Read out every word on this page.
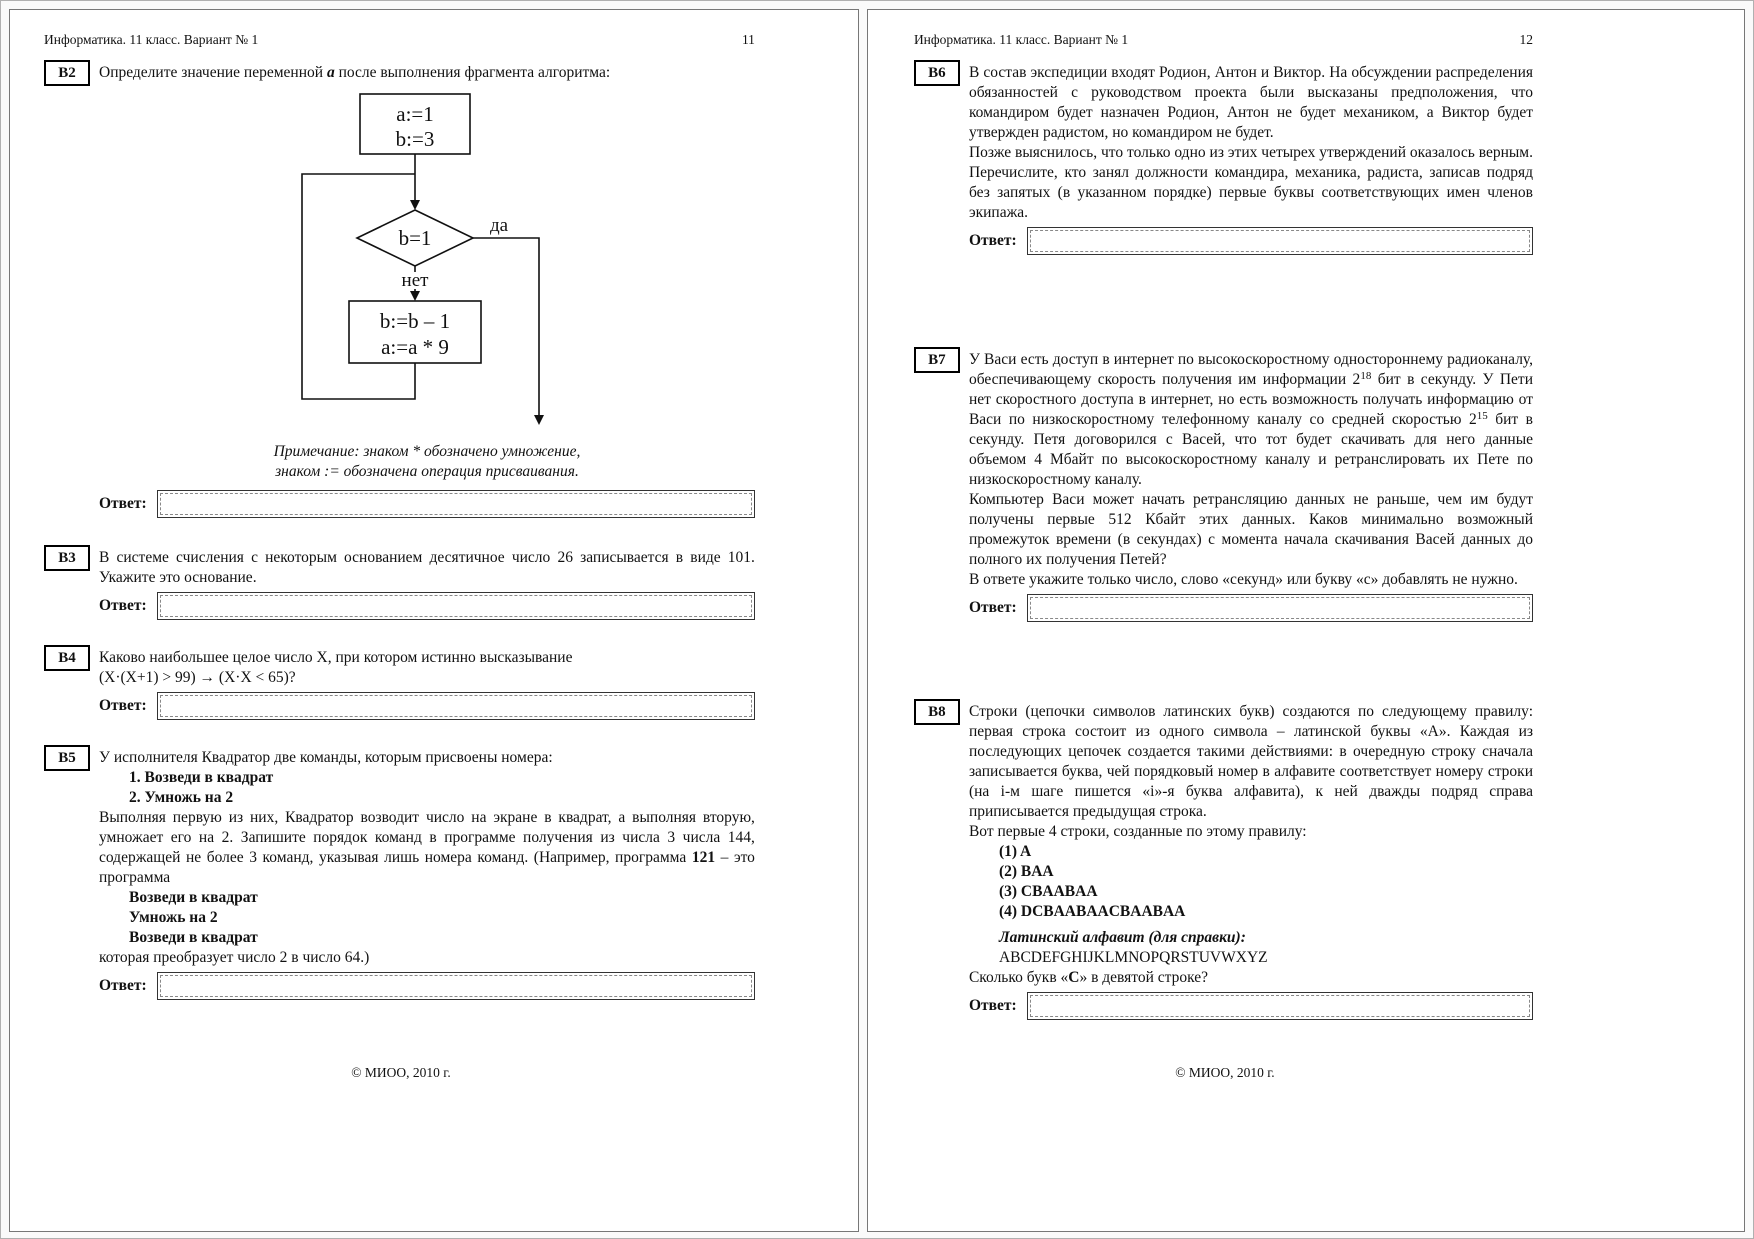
Информатика. 11 класс. Вариант № 1	11
В2	Определите значение переменной a после выполнения фрагмента алгоритма:

a:=1
b:=3
b=1
да
нет
b:=b – 1
a:=a * 9
Примечание: знаком * обозначено умножение,
знаком := обозначена операция присваивания.
Ответ:
В3	В системе счисления с некоторым основанием десятичное число 26 записывается в виде 101. Укажите это основание.

Ответ:
В4	Каково наибольшее целое число X, при котором истинно высказывание

(X·(X+1) > 99) → (X·X < 65)?

Ответ:
В5	У исполнителя Квадратор две команды, которым присвоены номера:

1. Возведи в квадрат
2. Умножь на 2

Выполняя первую из них, Квадратор возводит число на экране в квадрат, а выполняя вторую, умножает его на 2. Запишите порядок команд в программе получения из числа 3 числа 144, содержащей не более 3 команд, указывая лишь номера команд. (Например, программа 121 – это программа

Возведи в квадрат
Умножь на 2
Возведи в квадрат

которая преобразует число 2 в число 64.)

Ответ:
© МИОО, 2010 г.
Информатика. 11 класс. Вариант № 1	12
В6	В состав экспедиции входят Родион, Антон и Виктор. На обсуждении распределения обязанностей с руководством проекта были высказаны предположения, что командиром будет назначен Родион, Антон не будет механиком, а Виктор будет утвержден радистом, но командиром не будет.

Позже выяснилось, что только одно из этих четырех утверждений оказалось верным. Перечислите, кто занял должности командира, механика, радиста, записав подряд без запятых (в указанном порядке) первые буквы соответствующих имен членов экипажа.

Ответ:
В7	У Васи есть доступ в интернет по высокоскоростному одностороннему радиоканалу, обеспечивающему скорость получения им информации $2^{18}$ бит в секунду. У Пети нет скоростного доступа в интернет, но есть возможность получать информацию от Васи по низкоскоростному телефонному каналу со средней скоростью $2^{15}$ бит в секунду. Петя договорился с Васей, что тот будет скачивать для него данные объемом 4 Мбайт по высокоскоростному каналу и ретранслировать их Пете по низкоскоростному каналу.

Компьютер Васи может начать ретрансляцию данных не раньше, чем им будут получены первые 512 Кбайт этих данных. Каков минимально возможный промежуток времени (в секундах) с момента начала скачивания Васей данных до полного их получения Петей?

В ответе укажите только число, слово «секунд» или букву «с» добавлять не нужно.

Ответ:
В8	Строки (цепочки символов латинских букв) создаются по следующему правилу: первая строка состоит из одного символа – латинской буквы «А». Каждая из последующих цепочек создается такими действиями: в очередную строку сначала записывается буква, чей порядковый номер в алфавите соответствует номеру строки (на i-м шаге пишется «i»-я буква алфавита), к ней дважды подряд справа приписывается предыдущая строка.

Вот первые 4 строки, созданные по этому правилу:

(1) A
(2) BAA
(3) CBAABAA
(4) DCBAABAACBAABAA
Латинский алфавит (для справки):
ABCDEFGHIJKLMNOPQRSTUVWXYZ

Сколько букв «C» в девятой строке?

Ответ:
© МИОО, 2010 г.
